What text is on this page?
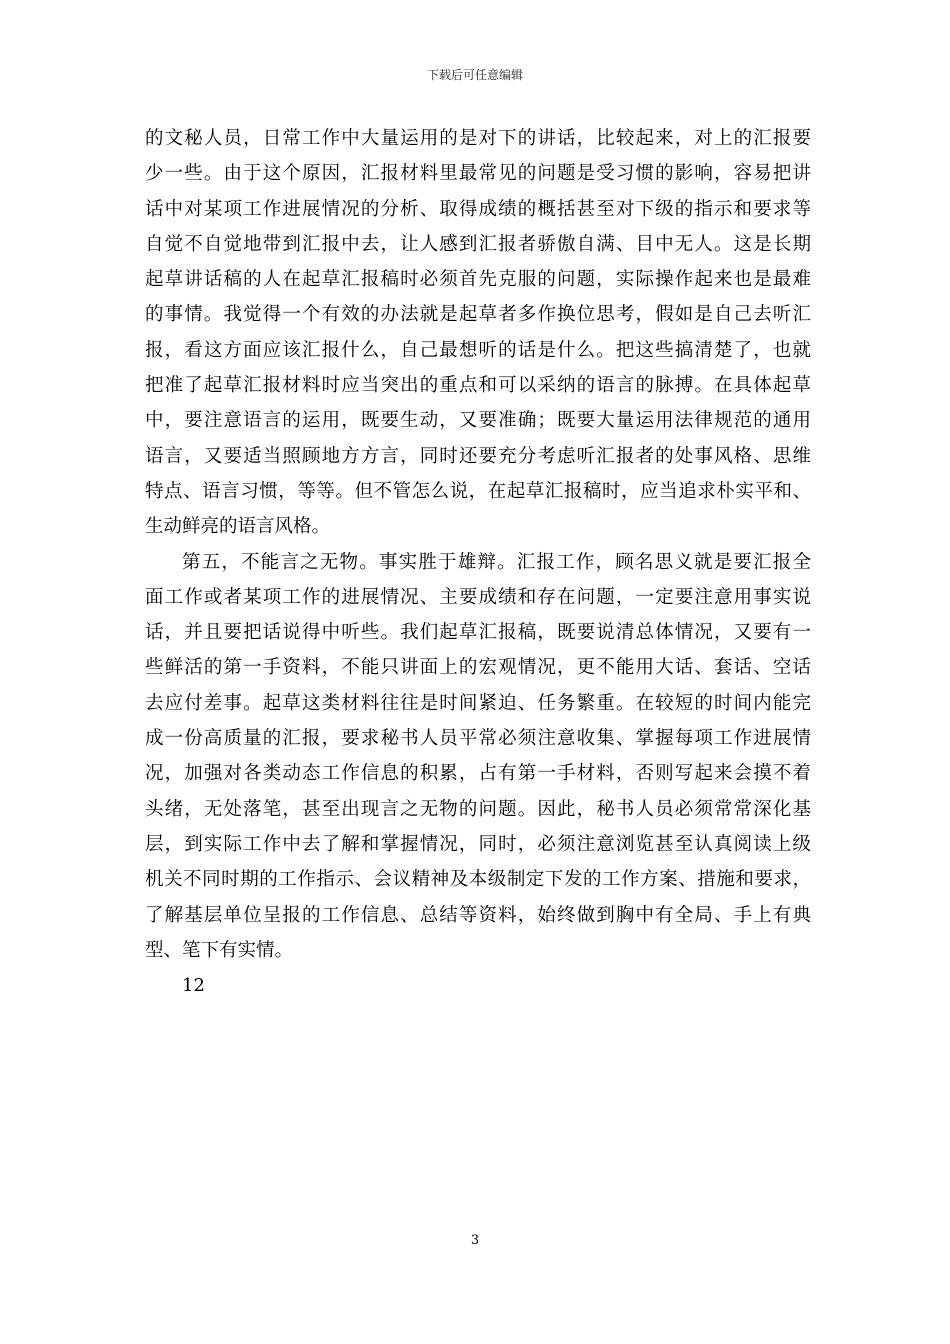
下载后可任意编辑
的文秘人员，日常工作中大量运用的是对下的讲话，比较起来，对上的汇报要
少一些。由于这个原因，汇报材料里最常见的问题是受习惯的影响，容易把讲
话中对某项工作进展情况的分析、取得成绩的概括甚至对下级的指示和要求等
自觉不自觉地带到汇报中去，让人感到汇报者骄傲自满、目中无人。这是长期
起草讲话稿的人在起草汇报稿时必须首先克服的问题，实际操作起来也是最难
的事情。我觉得一个有效的办法就是起草者多作换位思考，假如是自己去听汇
报，看这方面应该汇报什么，自己最想听的话是什么。把这些搞清楚了，也就
把准了起草汇报材料时应当突出的重点和可以采纳的语言的脉搏。在具体起草
中，要注意语言的运用，既要生动，又要准确；既要大量运用法律规范的通用
语言，又要适当照顾地方方言，同时还要充分考虑听汇报者的处事风格、思维
特点、语言习惯，等等。但不管怎么说，在起草汇报稿时，应当追求朴实平和、
生动鲜亮的语言风格。
第五，不能言之无物。事实胜于雄辩。汇报工作，顾名思义就是要汇报全
面工作或者某项工作的进展情况、主要成绩和存在问题，一定要注意用事实说
话，并且要把话说得中听些。我们起草汇报稿，既要说清总体情况，又要有一
些鲜活的第一手资料，不能只讲面上的宏观情况，更不能用大话、套话、空话
去应付差事。起草这类材料往往是时间紧迫、任务繁重。在较短的时间内能完
成一份高质量的汇报，要求秘书人员平常必须注意收集、掌握每项工作进展情
况，加强对各类动态工作信息的积累，占有第一手材料，否则写起来会摸不着
头绪，无处落笔，甚至出现言之无物的问题。因此，秘书人员必须常常深化基
层，到实际工作中去了解和掌握情况，同时，必须注意浏览甚至认真阅读上级
机关不同时期的工作指示、会议精神及本级制定下发的工作方案、措施和要求，
了解基层单位呈报的工作信息、总结等资料，始终做到胸中有全局、手上有典
型、笔下有实情。
12
3
